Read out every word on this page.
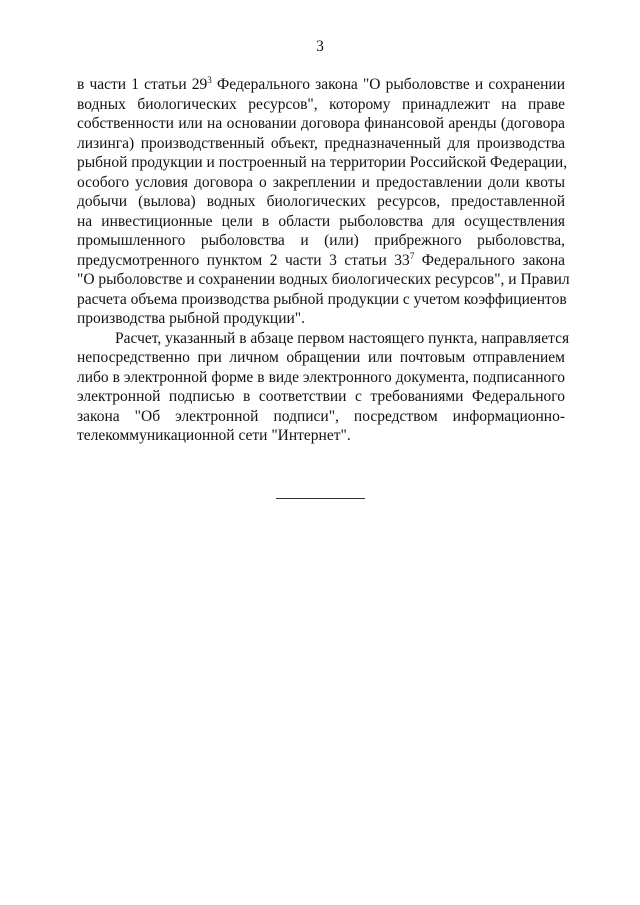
3
в части 1 статьи $29^3$ Федерального закона "О рыболовстве и сохранении
водных биологических ресурсов", которому принадлежит на праве
собственности или на основании договора финансовой аренды (договора
лизинга) производственный объект, предназначенный для производства
рыбной продукции и построенный на территории Российской Федерации,
особого условия договора о закреплении и предоставлении доли квоты
добычи (вылова) водных биологических ресурсов, предоставленной
на инвестиционные цели в области рыболовства для осуществления
промышленного рыболовства и (или) прибрежного рыболовства,
предусмотренного пунктом 2 части 3 статьи $33^7$ Федерального закона
"О рыболовстве и сохранении водных биологических ресурсов", и Правил
расчета объема производства рыбной продукции с учетом коэффициентов
производства рыбной продукции".
Расчет, указанный в абзаце первом настоящего пункта, направляется
непосредственно при личном обращении или почтовым отправлением
либо в электронной форме в виде электронного документа, подписанного
электронной подписью в соответствии с требованиями Федерального
закона "Об электронной подписи", посредством информационно-
телекоммуникационной сети "Интернет".
